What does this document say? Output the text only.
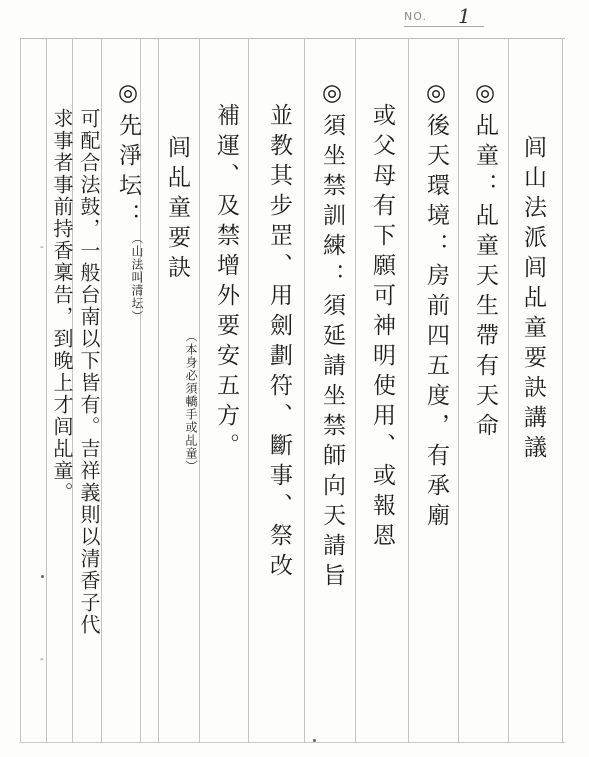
NO. 1
闾山法派闾乩童要訣講議
◎乩童：乩童天生帶有天命
◎後天環境：房前四五度，有承廟
或父母有下願可神明使用、或報恩
◎須坐禁訓練：須延請坐禁師向天請旨
並教其步罡、用劍劃符、斷事、祭改
補運、及禁增外要安五方。
（本身必須轎手或乩童）
闾乩童要訣
◎先淨坛：
（山法叫清坛）
可配合法鼓，一般台南以下皆有。吉祥義則以清香子代
求事者事前持香稟告，到晚上才闾乩童。
-
-
